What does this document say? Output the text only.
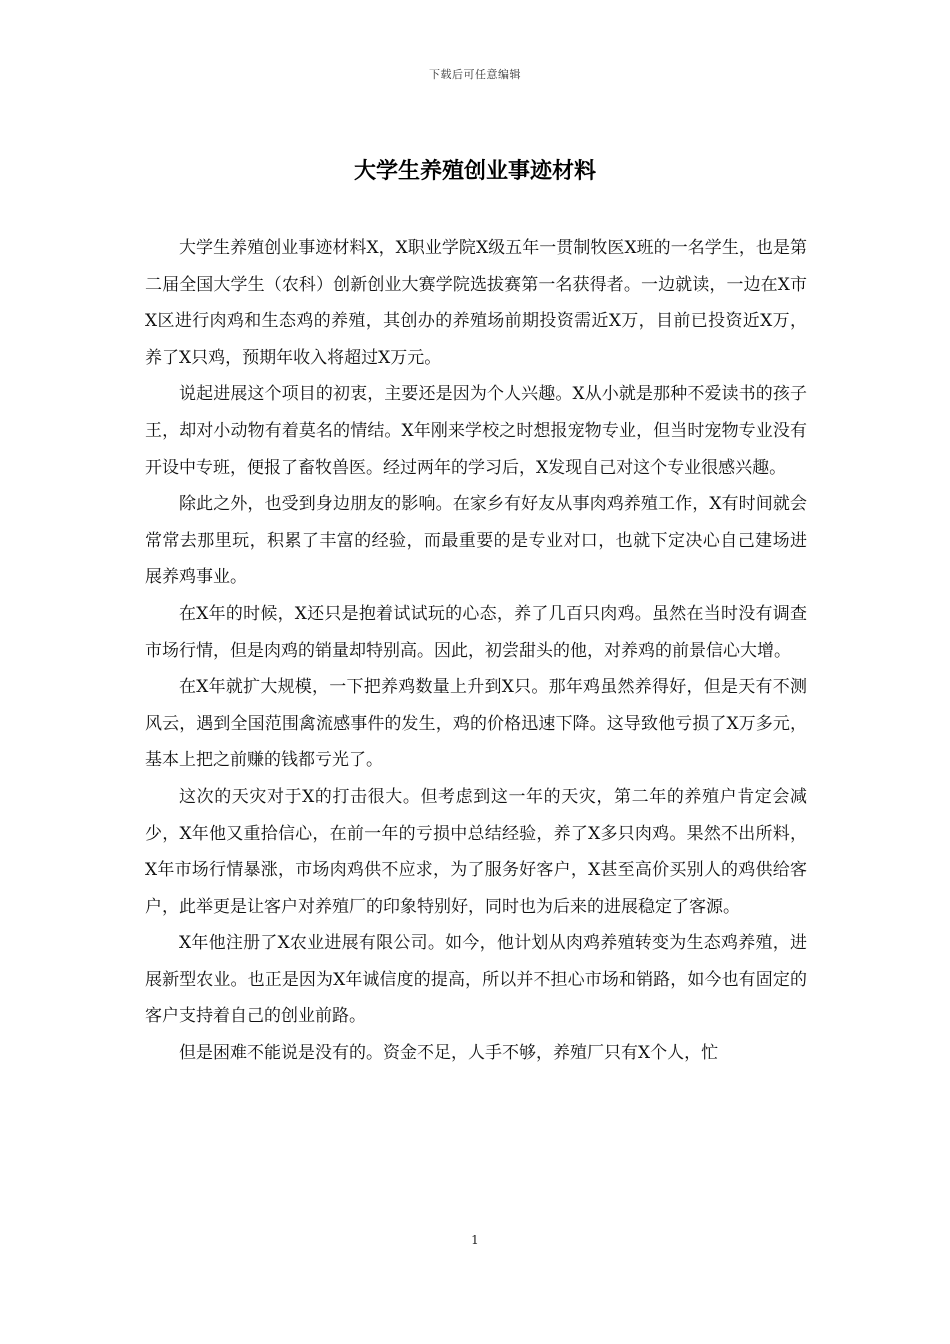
下载后可任意编辑
大学生养殖创业事迹材料

大学生养殖创业事迹材料X，X职业学院X级五年一贯制牧医X班的一名学生，也是第二届全国大学生（农科）创新创业大赛学院选拔赛第一名获得者。一边就读，一边在X市X区进行肉鸡和生态鸡的养殖，其创办的养殖场前期投资需近X万，目前已投资近X万，养了X只鸡，预期年收入将超过X万元。

说起进展这个项目的初衷，主要还是因为个人兴趣。X从小就是那种不爱读书的孩子王，却对小动物有着莫名的情结。X年刚来学校之时想报宠物专业，但当时宠物专业没有开设中专班，便报了畜牧兽医。经过两年的学习后，X发现自己对这个专业很感兴趣。

除此之外，也受到身边朋友的影响。在家乡有好友从事肉鸡养殖工作，X有时间就会常常去那里玩，积累了丰富的经验，而最重要的是专业对口，也就下定决心自己建场进展养鸡事业。

在X年的时候，X还只是抱着试试玩的心态，养了几百只肉鸡。虽然在当时没有调查市场行情，但是肉鸡的销量却特别高。因此，初尝甜头的他，对养鸡的前景信心大增。

在X年就扩大规模，一下把养鸡数量上升到X只。那年鸡虽然养得好，但是天有不测风云，遇到全国范围禽流感事件的发生，鸡的价格迅速下降。这导致他亏损了X万多元，基本上把之前赚的钱都亏光了。

这次的天灾对于X的打击很大。但考虑到这一年的天灾，第二年的养殖户肯定会减少，X年他又重拾信心，在前一年的亏损中总结经验，养了X多只肉鸡。果然不出所料，X年市场行情暴涨，市场肉鸡供不应求，为了服务好客户，X甚至高价买别人的鸡供给客户，此举更是让客户对养殖厂的印象特别好，同时也为后来的进展稳定了客源。

X年他注册了X农业进展有限公司。如今，他计划从肉鸡养殖转变为生态鸡养殖，进展新型农业。也正是因为X年诚信度的提高，所以并不担心市场和销路，如今也有固定的客户支持着自己的创业前路。

但是困难不能说是没有的。资金不足，人手不够，养殖厂只有X个人，忙

1
